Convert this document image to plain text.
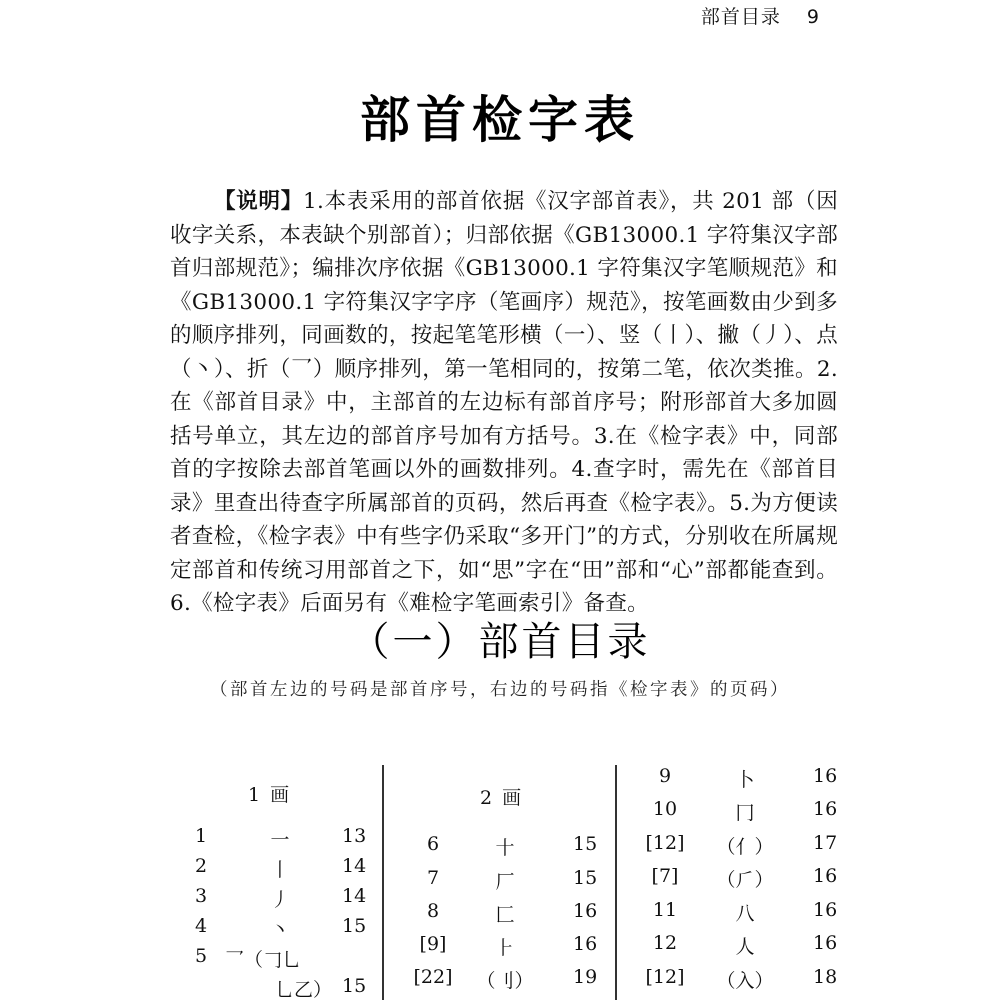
部首目录 9
部首检字表
【说明】1.本表采用的部首依据《汉字部首表》，共 201 部（因收字关系，本表缺个别部首）；归部依据《GB13000.1 字符集汉字部首归部规范》；编排次序依据《GB13000.1 字符集汉字笔顺规范》和《GB13000.1 字符集汉字字序（笔画序）规范》，按笔画数由少到多的顺序排列，同画数的，按起笔笔形横（一）、竖（丨）、撇（丿）、点（丶）、折（乛）顺序排列，第一笔相同的，按第二笔，依次类推。2.在《部首目录》中，主部首的左边标有部首序号；附形部首大多加圆括号单立，其左边的部首序号加有方括号。3.在《检字表》中，同部首的字按除去部首笔画以外的画数排列。4.查字时，需先在《部首目录》里查出待查字所属部首的页码，然后再查《检字表》。5.为方便读者查检，《检字表》中有些字仍采取“多开门”的方式，分别收在所属规定部首和传统习用部首之下，如“思”字在“田”部和“心”部都能查到。6.《检字表》后面另有《难检字笔画索引》备查。
（一）部首目录
（部首左边的号码是部首序号，右边的号码指《检字表》的页码）
1 画
1	一	13
2	丨	14
3	丿	14
4	丶	15
5 乛（𠃌乚
乚乙） 15
2 画
6	十	15
7	厂	15
8	匚	16
[9]	⺊	16
[22]	（刂） 19
9	卜	16
10	冂	16
[12]	（亻） 17
[7]	（⺁） 16
11	八	16
12	人	16
[12]	（入） 18
